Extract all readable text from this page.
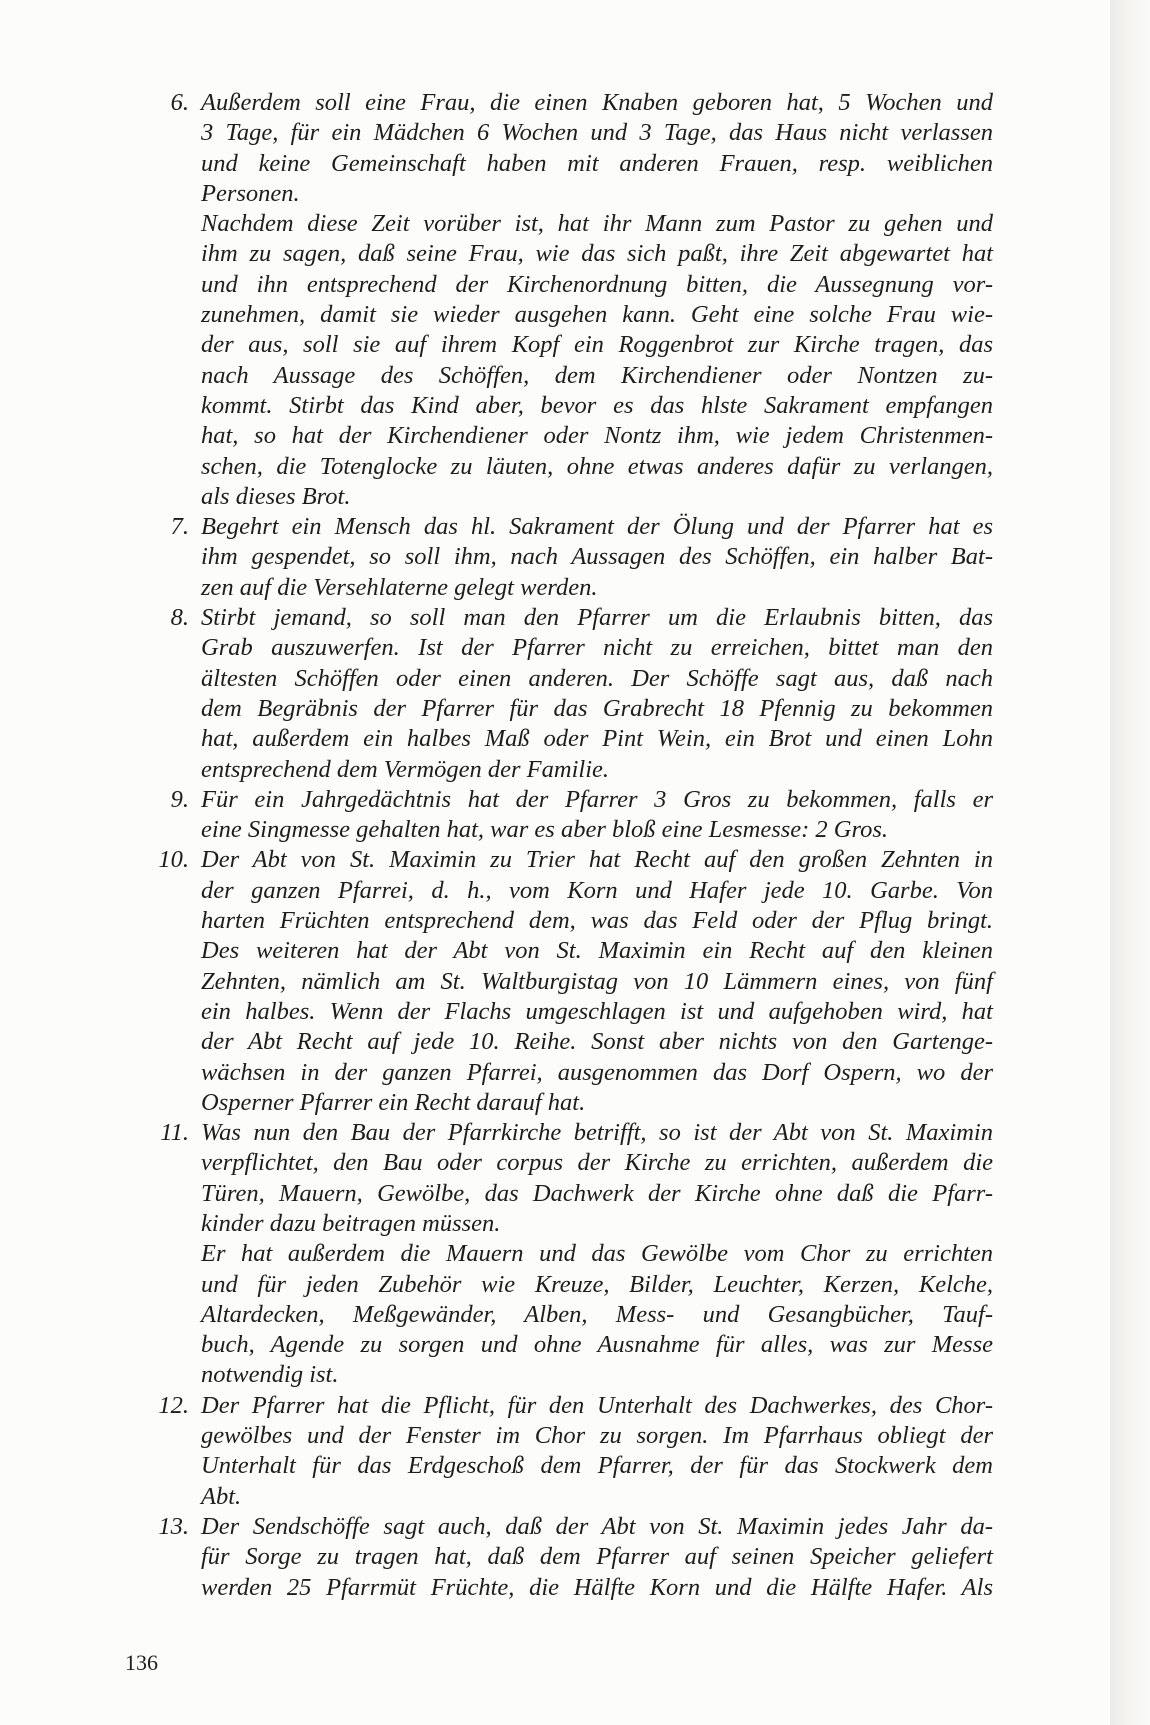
6. Außerdem soll eine Frau, die einen Knaben geboren hat, 5 Wochen und
3 Tage, für ein Mädchen 6 Wochen und 3 Tage, das Haus nicht verlassen
und keine Gemeinschaft haben mit anderen Frauen, resp. weiblichen
Personen.
Nachdem diese Zeit vorüber ist, hat ihr Mann zum Pastor zu gehen und
ihm zu sagen, daß seine Frau, wie das sich paßt, ihre Zeit abgewartet hat
und ihn entsprechend der Kirchenordnung bitten, die Aussegnung vor-
zunehmen, damit sie wieder ausgehen kann. Geht eine solche Frau wie-
der aus, soll sie auf ihrem Kopf ein Roggenbrot zur Kirche tragen, das
nach Aussage des Schöffen, dem Kirchendiener oder Nontzen zu-
kommt. Stirbt das Kind aber, bevor es das hlste Sakrament empfangen
hat, so hat der Kirchendiener oder Nontz ihm, wie jedem Christenmen-
schen, die Totenglocke zu läuten, ohne etwas anderes dafür zu verlangen,
als dieses Brot.
7. Begehrt ein Mensch das hl. Sakrament der Ölung und der Pfarrer hat es
ihm gespendet, so soll ihm, nach Aussagen des Schöffen, ein halber Bat-
zen auf die Versehlaterne gelegt werden.
8. Stirbt jemand, so soll man den Pfarrer um die Erlaubnis bitten, das
Grab auszuwerfen. Ist der Pfarrer nicht zu erreichen, bittet man den
ältesten Schöffen oder einen anderen. Der Schöffe sagt aus, daß nach
dem Begräbnis der Pfarrer für das Grabrecht 18 Pfennig zu bekommen
hat, außerdem ein halbes Maß oder Pint Wein, ein Brot und einen Lohn
entsprechend dem Vermögen der Familie.
9. Für ein Jahrgedächtnis hat der Pfarrer 3 Gros zu bekommen, falls er
eine Singmesse gehalten hat, war es aber bloß eine Lesmesse: 2 Gros.
10. Der Abt von St. Maximin zu Trier hat Recht auf den großen Zehnten in
der ganzen Pfarrei, d. h., vom Korn und Hafer jede 10. Garbe. Von
harten Früchten entsprechend dem, was das Feld oder der Pflug bringt.
Des weiteren hat der Abt von St. Maximin ein Recht auf den kleinen
Zehnten, nämlich am St. Waltburgistag von 10 Lämmern eines, von fünf
ein halbes. Wenn der Flachs umgeschlagen ist und aufgehoben wird, hat
der Abt Recht auf jede 10. Reihe. Sonst aber nichts von den Gartenge-
wächsen in der ganzen Pfarrei, ausgenommen das Dorf Ospern, wo der
Osperner Pfarrer ein Recht darauf hat.
11. Was nun den Bau der Pfarrkirche betrifft, so ist der Abt von St. Maximin
verpflichtet, den Bau oder corpus der Kirche zu errichten, außerdem die
Türen, Mauern, Gewölbe, das Dachwerk der Kirche ohne daß die Pfarr-
kinder dazu beitragen müssen.
Er hat außerdem die Mauern und das Gewölbe vom Chor zu errichten
und für jeden Zubehör wie Kreuze, Bilder, Leuchter, Kerzen, Kelche,
Altardecken, Meßgewänder, Alben, Mess- und Gesangbücher, Tauf-
buch, Agende zu sorgen und ohne Ausnahme für alles, was zur Messe
notwendig ist.
12. Der Pfarrer hat die Pflicht, für den Unterhalt des Dachwerkes, des Chor-
gewölbes und der Fenster im Chor zu sorgen. Im Pfarrhaus obliegt der
Unterhalt für das Erdgeschoß dem Pfarrer, der für das Stockwerk dem
Abt.
13. Der Sendschöffe sagt auch, daß der Abt von St. Maximin jedes Jahr da-
für Sorge zu tragen hat, daß dem Pfarrer auf seinen Speicher geliefert
werden 25 Pfarrmüt Früchte, die Hälfte Korn und die Hälfte Hafer. Als
136
